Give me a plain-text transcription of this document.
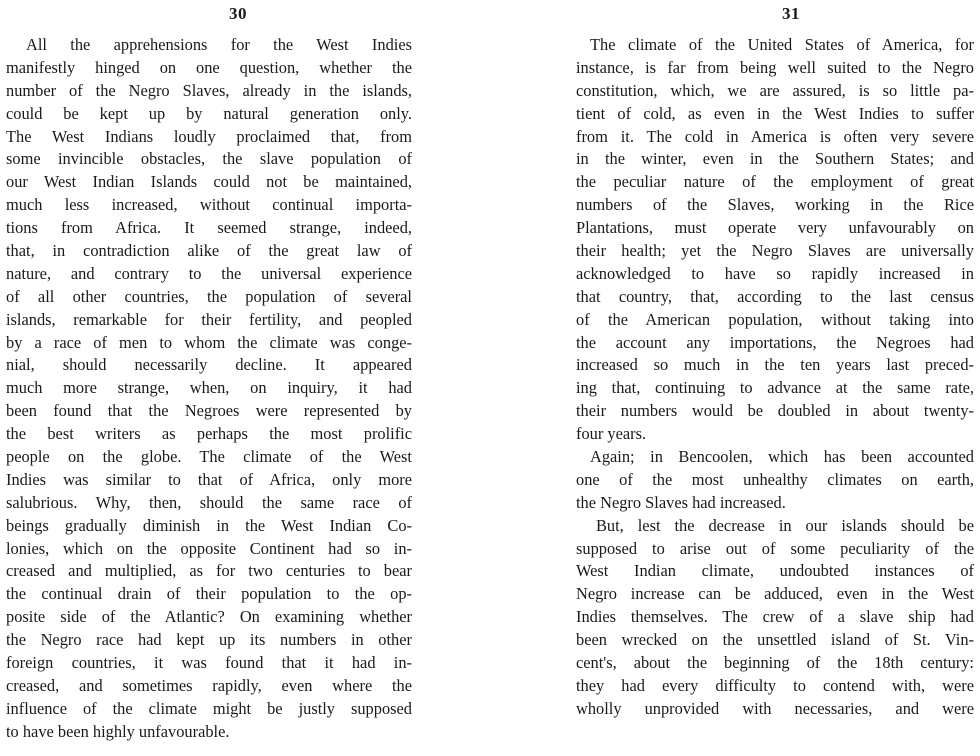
30
All the apprehensions for the West Indies
manifestly hinged on one question, whether the
number of the Negro Slaves, already in the islands,
could be kept up by natural generation only.
The West Indians loudly proclaimed that, from
some invincible obstacles, the slave population of
our West Indian Islands could not be maintained,
much less increased, without continual importa-
tions from Africa. It seemed strange, indeed,
that, in contradiction alike of the great law of
nature, and contrary to the universal experience
of all other countries, the population of several
islands, remarkable for their fertility, and peopled
by a race of men to whom the climate was conge-
nial, should necessarily decline. It appeared
much more strange, when, on inquiry, it had
been found that the Negroes were represented by
the best writers as perhaps the most prolific
people on the globe. The climate of the West
Indies was similar to that of Africa, only more
salubrious. Why, then, should the same race of
beings gradually diminish in the West Indian Co-
lonies, which on the opposite Continent had so in-
creased and multiplied, as for two centuries to bear
the continual drain of their population to the op-
posite side of the Atlantic? On examining whether
the Negro race had kept up its numbers in other
foreign countries, it was found that it had in-
creased, and sometimes rapidly, even where the
influence of the climate might be justly supposed
to have been highly unfavourable.
31
The climate of the United States of America, for
instance, is far from being well suited to the Negro
constitution, which, we are assured, is so little pa-
tient of cold, as even in the West Indies to suffer
from it. The cold in America is often very severe
in the winter, even in the Southern States; and
the peculiar nature of the employment of great
numbers of the Slaves, working in the Rice
Plantations, must operate very unfavourably on
their health; yet the Negro Slaves are universally
acknowledged to have so rapidly increased in
that country, that, according to the last census
of the American population, without taking into
the account any importations, the Negroes had
increased so much in the ten years last preced-
ing that, continuing to advance at the same rate,
their numbers would be doubled in about twenty-
four years.
Again; in Bencoolen, which has been accounted
one of the most unhealthy climates on earth,
the Negro Slaves had increased.
But, lest the decrease in our islands should be
supposed to arise out of some peculiarity of the
West Indian climate, undoubted instances of
Negro increase can be adduced, even in the West
Indies themselves. The crew of a slave ship had
been wrecked on the unsettled island of St. Vin-
cent's, about the beginning of the 18th century:
they had every difficulty to contend with, were
wholly unprovided with necessaries, and were
